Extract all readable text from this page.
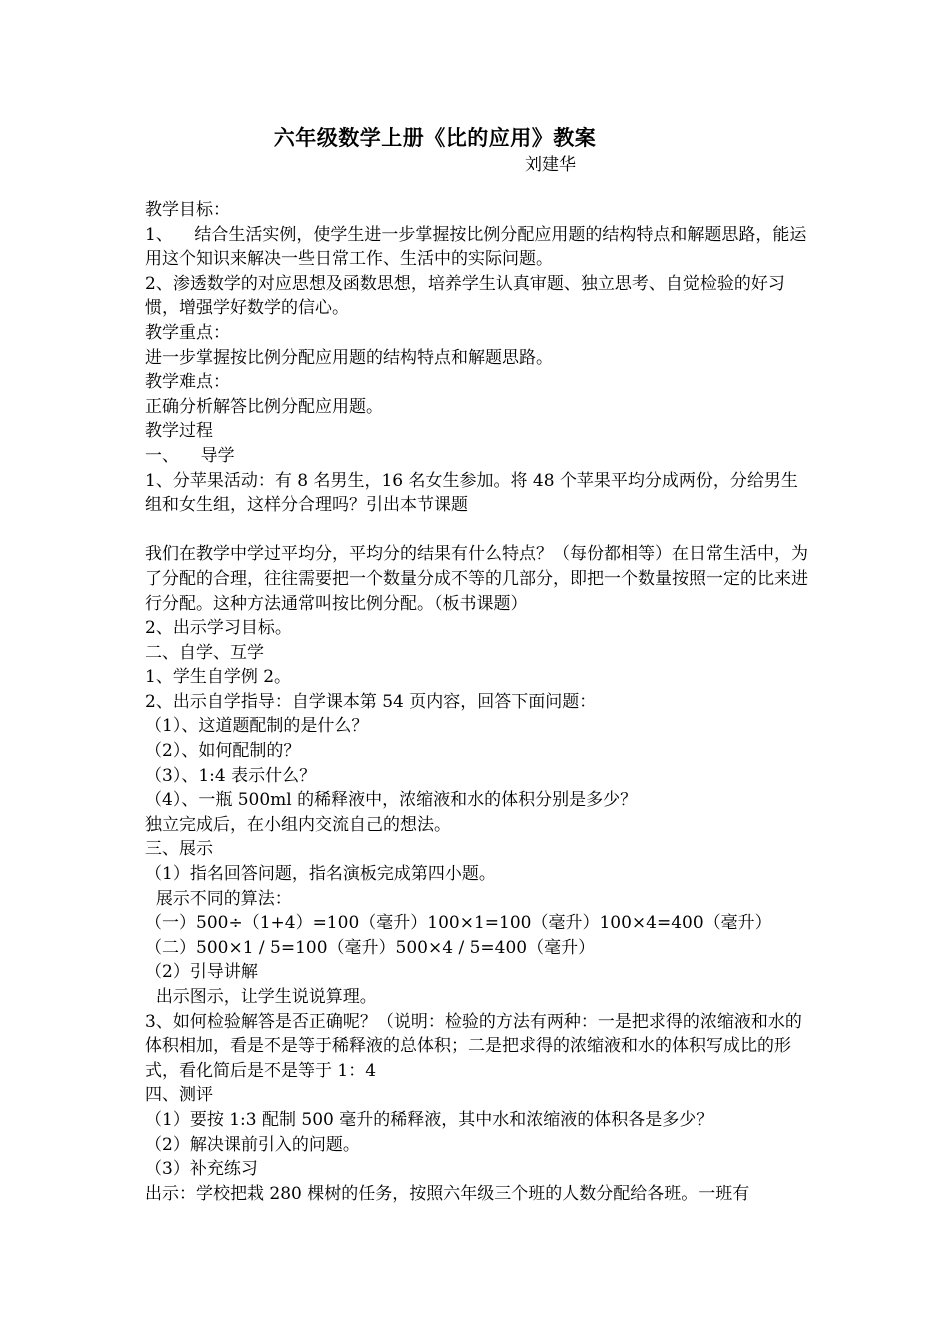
六年级数学上册《比的应用》教案
刘建华

教学目标：

1、    结合生活实例，使学生进一步掌握按比例分配应用题的结构特点和解题思路，能运用这个知识来解决一些日常工作、生活中的实际问题。

2、渗透数学的对应思想及函数思想，培养学生认真审题、独立思考、自觉检验的好习惯，增强学好数学的信心。

教学重点：

进一步掌握按比例分配应用题的结构特点和解题思路。

教学难点：

正确分析解答比例分配应用题。

教学过程

一、    导学

1、分苹果活动：有 8 名男生，16 名女生参加。将 48 个苹果平均分成两份，分给男生组和女生组，这样分合理吗？引出本节课题

我们在教学中学过平均分，平均分的结果有什么特点？（每份都相等）在日常生活中，为了分配的合理，往往需要把一个数量分成不等的几部分，即把一个数量按照一定的比来进行分配。这种方法通常叫按比例分配。（板书课题）

2、出示学习目标。

二、自学、互学

1、学生自学例 2。

2、出示自学指导：自学课本第 54 页内容，回答下面问题：

（1）、这道题配制的是什么？

（2）、如何配制的？

（3）、1:4 表示什么？

（4）、一瓶 500ml 的稀释液中，浓缩液和水的体积分别是多少？

独立完成后，在小组内交流自己的想法。

三、展示

（1）指名回答问题，指名演板完成第四小题。

展示不同的算法：

（一）500÷（1+4）=100（毫升）100×1=100（毫升）100×4=400（毫升）

（二）500×1 / 5=100（毫升）500×4 / 5=400（毫升）

（2）引导讲解

出示图示，让学生说说算理。

3、如何检验解答是否正确呢？（说明：检验的方法有两种：一是把求得的浓缩液和水的体积相加，看是不是等于稀释液的总体积；二是把求得的浓缩液和水的体积写成比的形式，看化简后是不是等于 1：4

四、测评

（1）要按 1:3 配制 500 毫升的稀释液，其中水和浓缩液的体积各是多少？

（2）解决课前引入的问题。

（3）补充练习

出示：学校把栽 280 棵树的任务，按照六年级三个班的人数分配给各班。一班有
